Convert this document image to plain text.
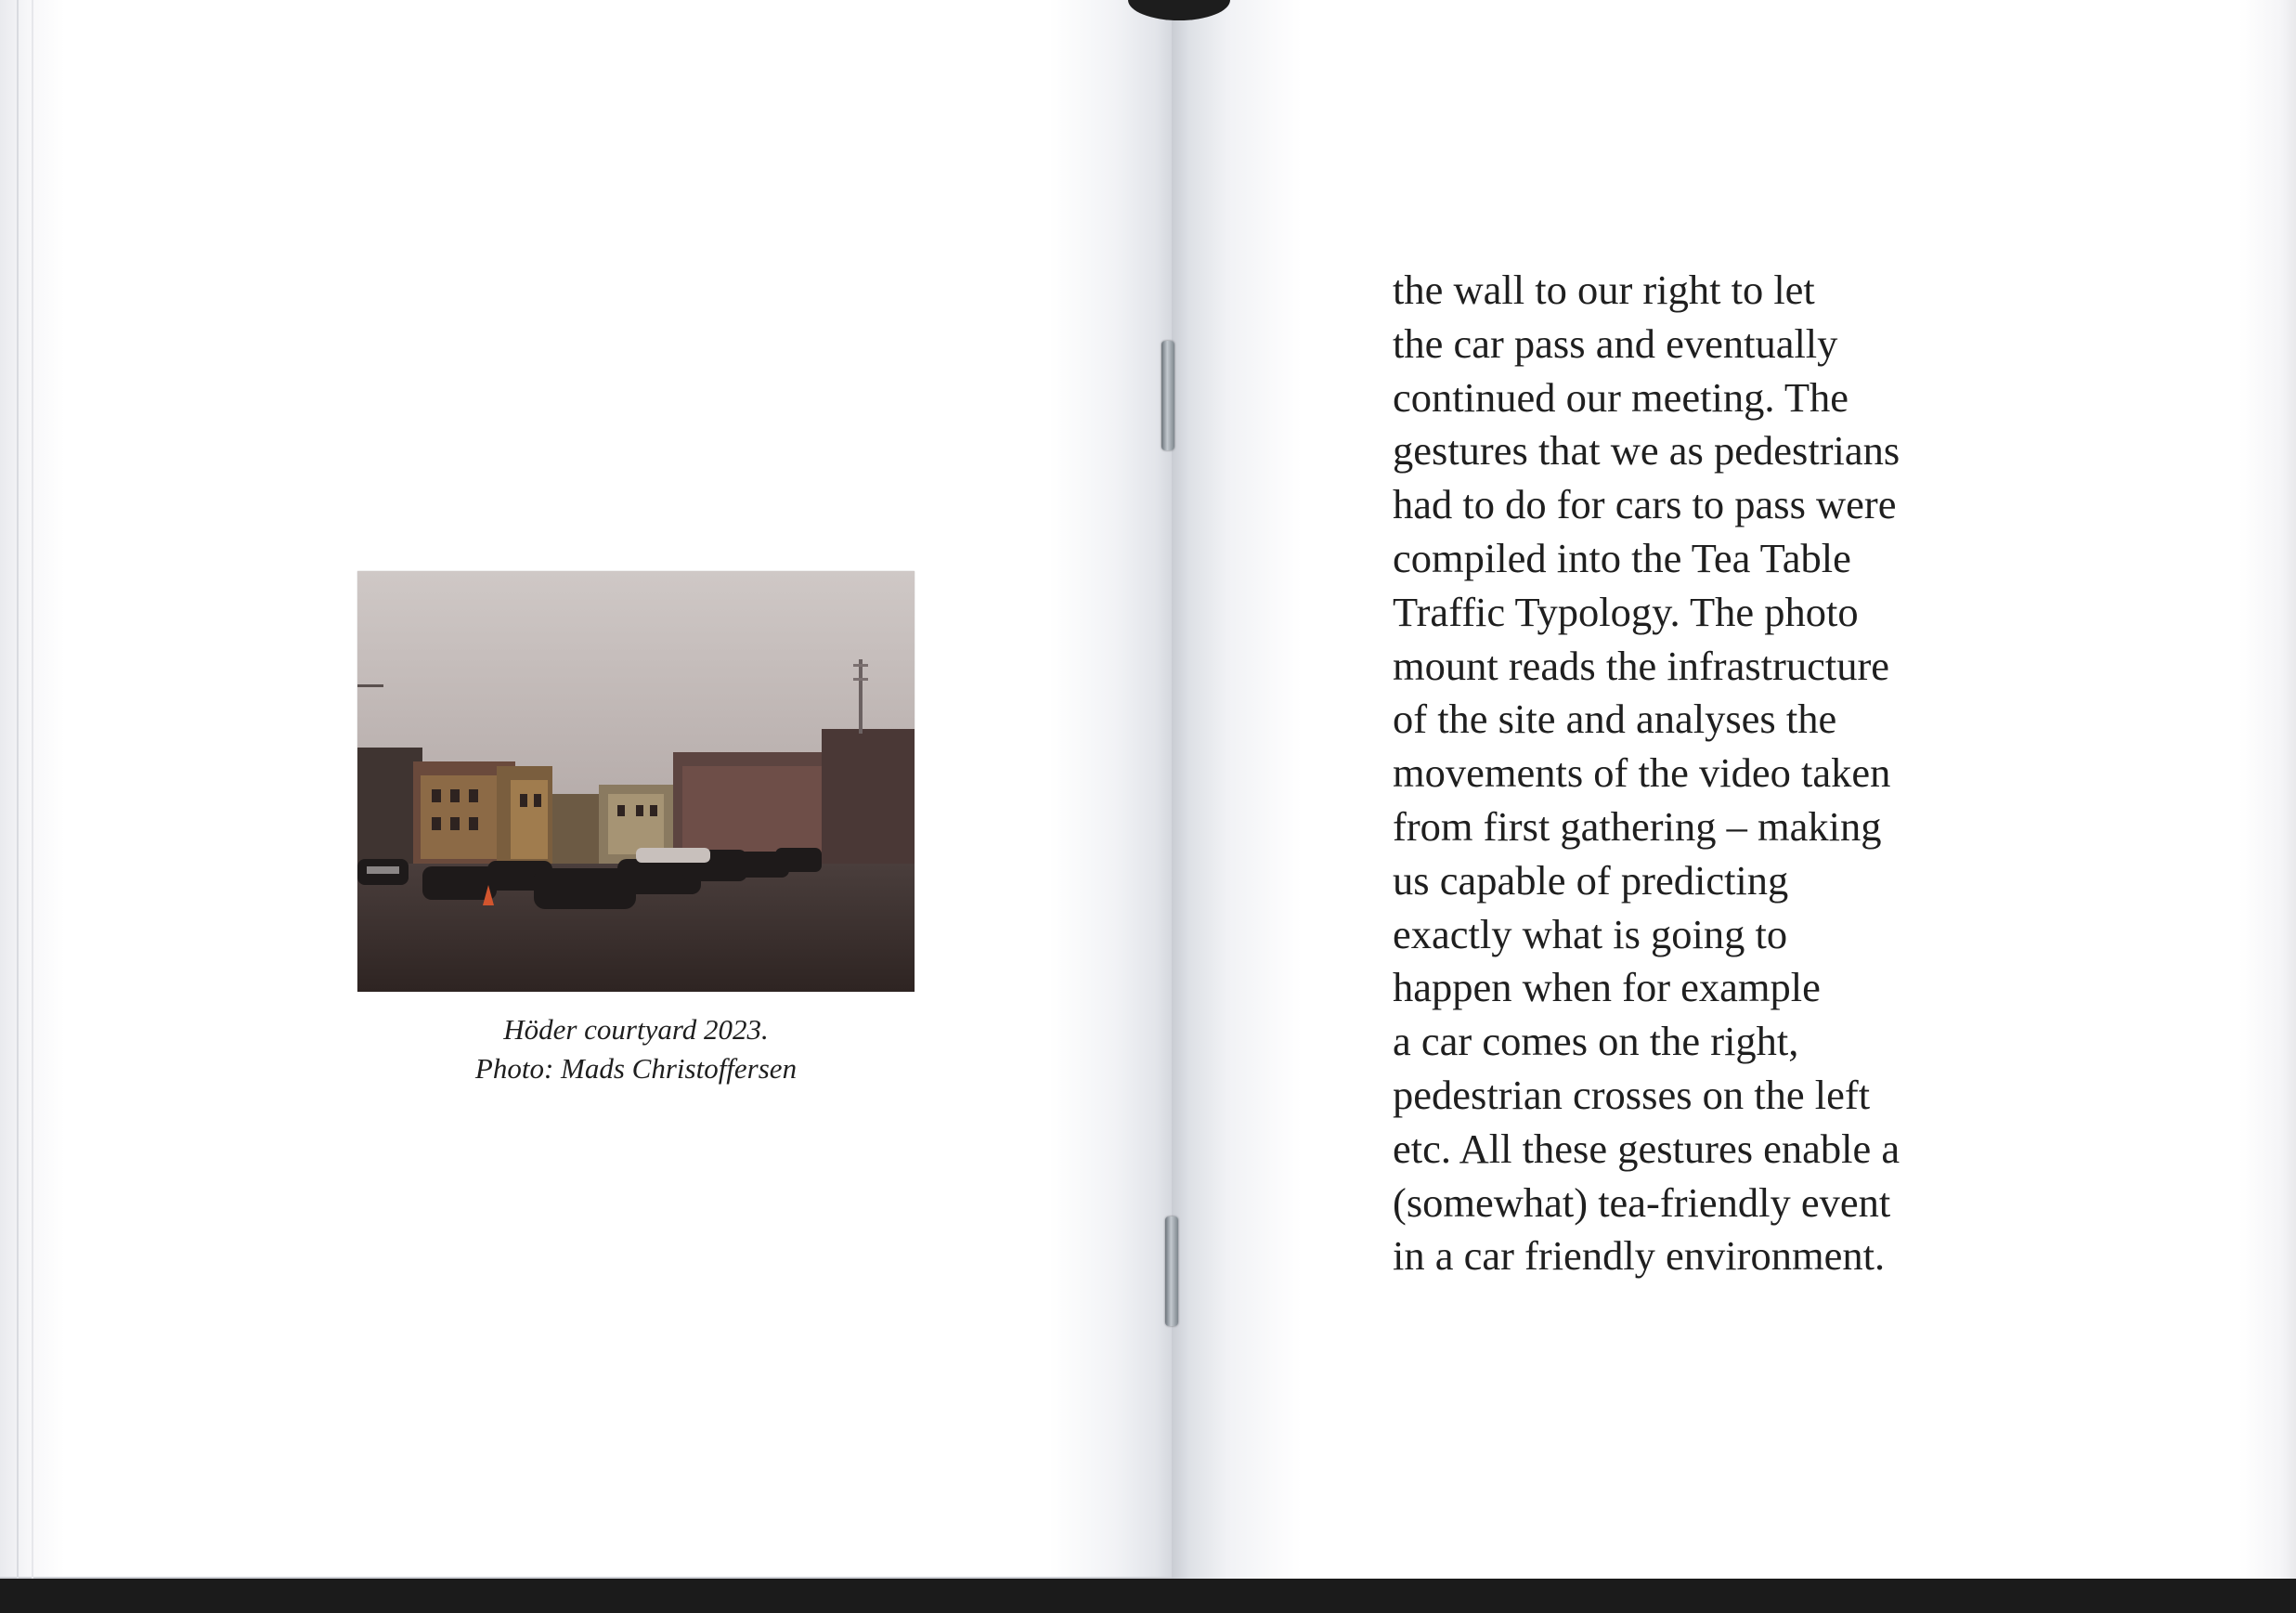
Höder courtyard 2023.
Photo: Mads Christoffersen
the wall to our right to let
the car pass and eventually
continued our meeting. The
gestures that we as pedestrians
had to do for cars to pass were
compiled into the Tea Table
Traffic Typology. The photo
mount reads the infrastructure
of the site and analyses the
movements of the video taken
from first gathering – making
us capable of predicting
exactly what is going to
happen when for example
a car comes on the right,
pedestrian crosses on the left
etc. All these gestures enable a
(somewhat) tea-friendly event
in a car friendly environment.
